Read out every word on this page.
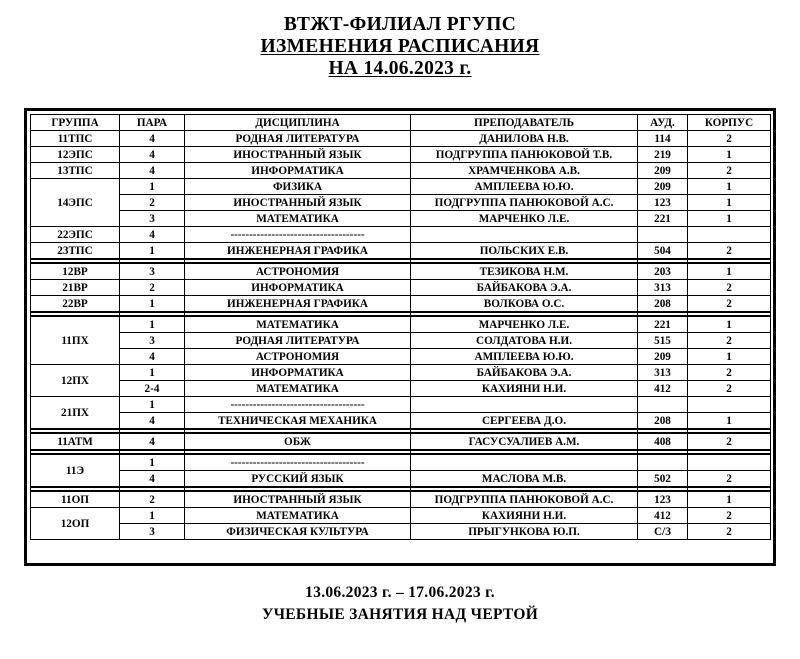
ВТЖТ-ФИЛИАЛ РГУПС
ИЗМЕНЕНИЯ РАСПИСАНИЯ
НА 14.06.2023 г.
ГРУППА	ПАРА	ДИСЦИПЛИНА	ПРЕПОДАВАТЕЛЬ	АУД.	КОРПУС
11ТПС	4	РОДНАЯ ЛИТЕРАТУРА	ДАНИЛОВА Н.В.	114	2
12ЭПС	4	ИНОСТРАННЫЙ ЯЗЫК	ПОДГРУППА ПАНЮКОВОЙ Т.В.	219	1
13ТПС	4	ИНФОРМАТИКА	ХРАМЧЕНКОВА А.В.	209	2
14ЭПС	1	ФИЗИКА	АМПЛЕЕВА Ю.Ю.	209	1
	2	ИНОСТРАННЫЙ ЯЗЫК	ПОДГРУППА ПАНЮКОВОЙ А.С.	123	1
	3	МАТЕМАТИКА	МАРЧЕНКО Л.Е.	221	1
22ЭПС	4	------------------------------------			
23ТПС	1	ИНЖЕНЕРНАЯ ГРАФИКА	ПОЛЬСКИХ Е.В.	504	2

12ВР	3	АСТРОНОМИЯ	ТЕЗИКОВА Н.М.	203	1
21ВР	2	ИНФОРМАТИКА	БАЙБАКОВА Э.А.	313	2
22ВР	1	ИНЖЕНЕРНАЯ ГРАФИКА	ВОЛКОВА О.С.	208	2

11ПХ	1	МАТЕМАТИКА	МАРЧЕНКО Л.Е.	221	1
	3	РОДНАЯ ЛИТЕРАТУРА	СОЛДАТОВА Н.И.	515	2
	4	АСТРОНОМИЯ	АМПЛЕЕВА Ю.Ю.	209	1
12ПХ	1	ИНФОРМАТИКА	БАЙБАКОВА Э.А.	313	2
	2-4	МАТЕМАТИКА	КАХИЯНИ Н.И.	412	2
21ПХ	1	------------------------------------			
	4	ТЕХНИЧЕСКАЯ МЕХАНИКА	СЕРГЕЕВА Д.О.	208	1

11АТМ	4	ОБЖ	ГАСУСУАЛИЕВ А.М.	408	2

11Э	1	------------------------------------			
	4	РУССКИЙ ЯЗЫК	МАСЛОВА М.В.	502	2

11ОП	2	ИНОСТРАННЫЙ ЯЗЫК	ПОДГРУППА ПАНЮКОВОЙ А.С.	123	1
12ОП	1	МАТЕМАТИКА	КАХИЯНИ Н.И.	412	2
	3	ФИЗИЧЕСКАЯ КУЛЬТУРА	ПРЫГУНКОВА Ю.П.	С/З	2
13.06.2023 г. – 17.06.2023 г.
УЧЕБНЫЕ ЗАНЯТИЯ НАД ЧЕРТОЙ
